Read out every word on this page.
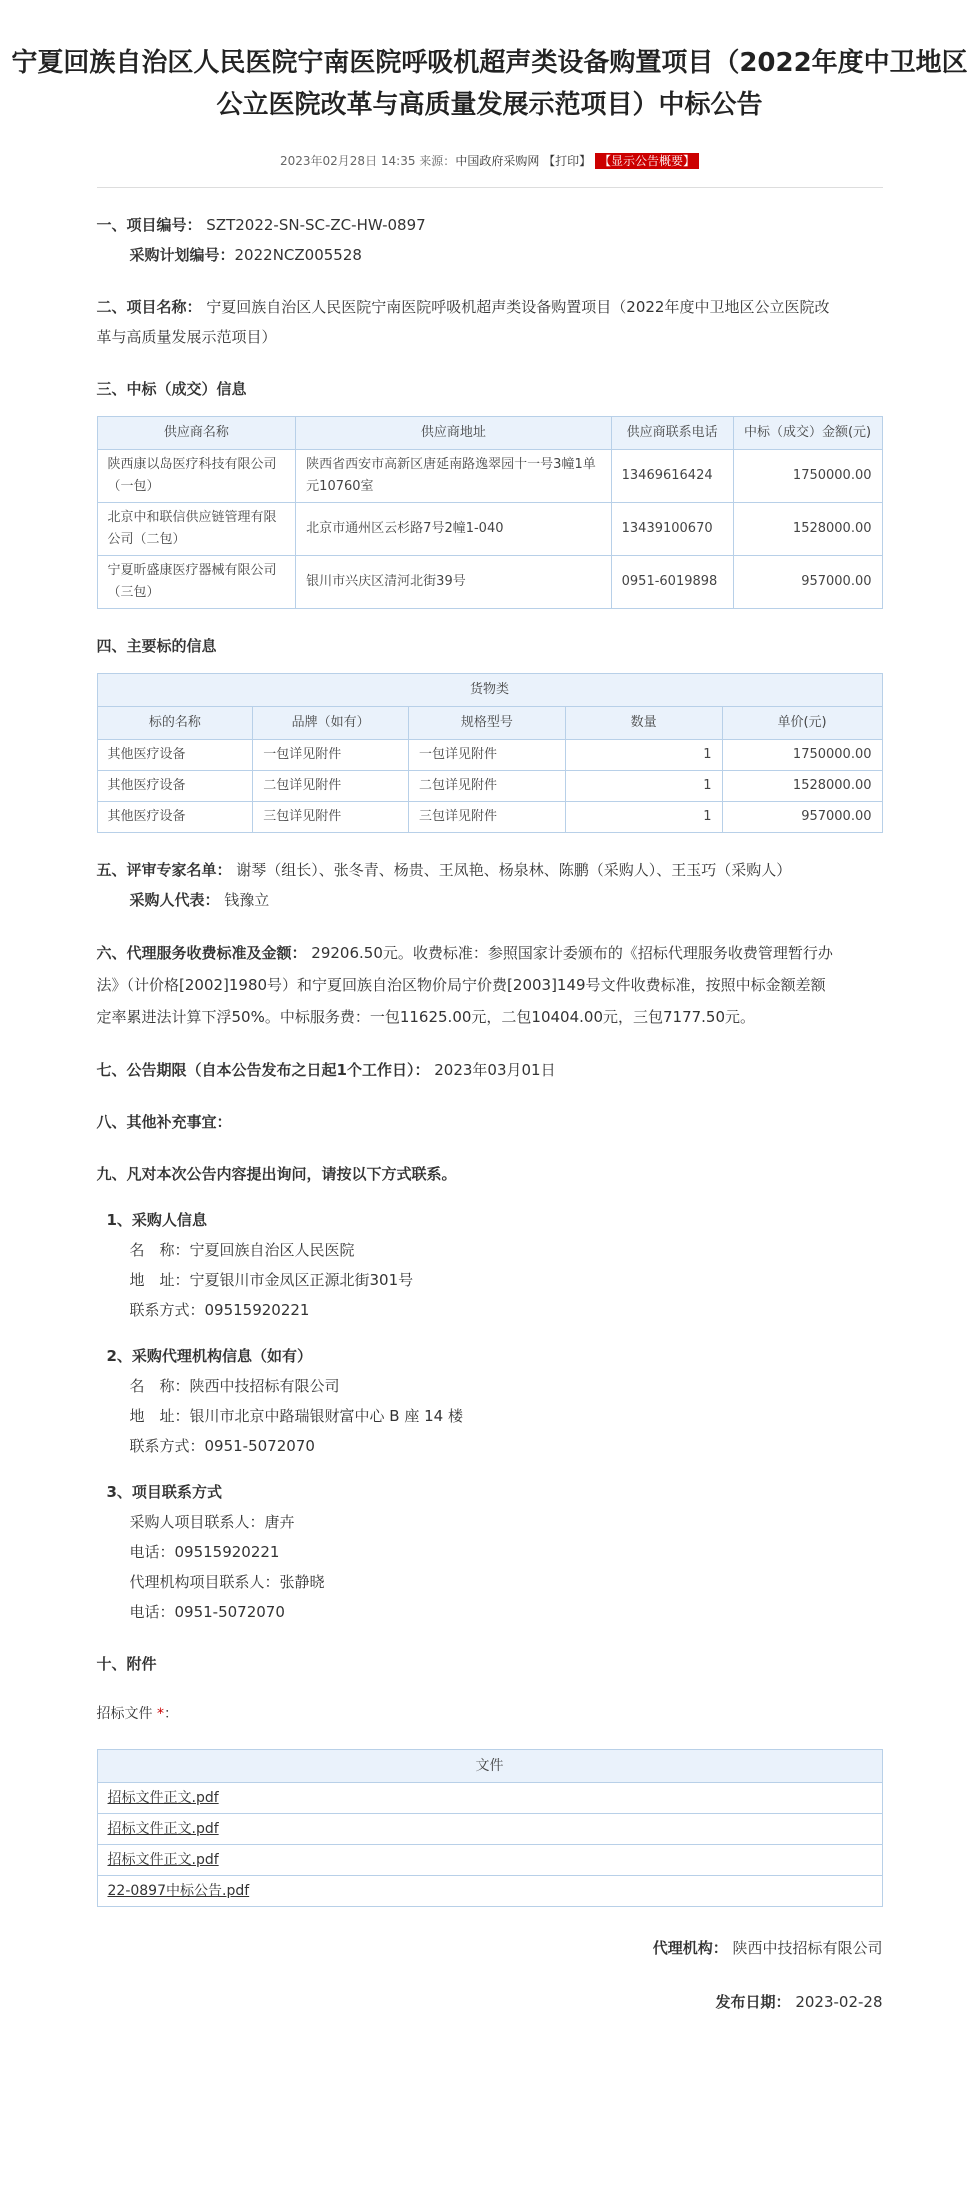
宁夏回族自治区人民医院宁南医院呼吸机超声类设备购置项目（2022年度中卫地区
公立医院改革与高质量发展示范项目）中标公告
2023年02月28日 14:35 来源：中国政府采购网 【打印】 【显示公告概要】
一、项目编号： SZT2022-SN-SC-ZC-HW-0897
采购计划编号：2022NCZ005528
二、项目名称： 宁夏回族自治区人民医院宁南医院呼吸机超声类设备购置项目（2022年度中卫地区公立医院改
革与高质量发展示范项目）
三、中标（成交）信息
供应商名称	供应商地址	供应商联系电话	中标（成交）金额(元)
陕西康以岛医疗科技有限公司（一包）	陕西省西安市高新区唐延南路逸翠园十一号3幢1单元10760室	13469616424	1750000.00
北京中和联信供应链管理有限公司（二包）	北京市通州区云杉路7号2幢1-040	13439100670	1528000.00
宁夏昕盛康医疗器械有限公司（三包）	银川市兴庆区清河北街39号	0951-6019898	957000.00
四、主要标的信息
货物类				
标的名称	品牌（如有）	规格型号	数量	单价(元)
其他医疗设备	一包详见附件	一包详见附件	1	1750000.00
其他医疗设备	二包详见附件	二包详见附件	1	1528000.00
其他医疗设备	三包详见附件	三包详见附件	1	957000.00
五、评审专家名单： 谢琴（组长）、张冬青、杨贵、王凤艳、杨泉林、陈鹏（采购人）、王玉巧（采购人）
采购人代表： 钱豫立
六、代理服务收费标准及金额： 29206.50元。收费标准：参照国家计委颁布的《招标代理服务收费管理暂行办
法》（计价格[2002]1980号）和宁夏回族自治区物价局宁价费[2003]149号文件收费标准，按照中标金额差额
定率累进法计算下浮50%。中标服务费：一包11625.00元，二包10404.00元，三包7177.50元。
七、公告期限（自本公告发布之日起1个工作日）： 2023年03月01日
八、其他补充事宜：
九、凡对本次公告内容提出询问，请按以下方式联系。
1、采购人信息
名　称：宁夏回族自治区人民医院
地　址：宁夏银川市金凤区正源北街301号
联系方式：09515920221
2、采购代理机构信息（如有）
名　称：陕西中技招标有限公司
地　址：银川市北京中路瑞银财富中心 B 座 14 楼
联系方式：0951-5072070
3、项目联系方式
采购人项目联系人：唐卉
电话：09515920221
代理机构项目联系人：张静晓
电话：0951-5072070
十、附件
招标文件 *：
文件
招标文件正文.pdf
招标文件正文.pdf
招标文件正文.pdf
22-0897中标公告.pdf
代理机构： 陕西中技招标有限公司
发布日期： 2023-02-28
